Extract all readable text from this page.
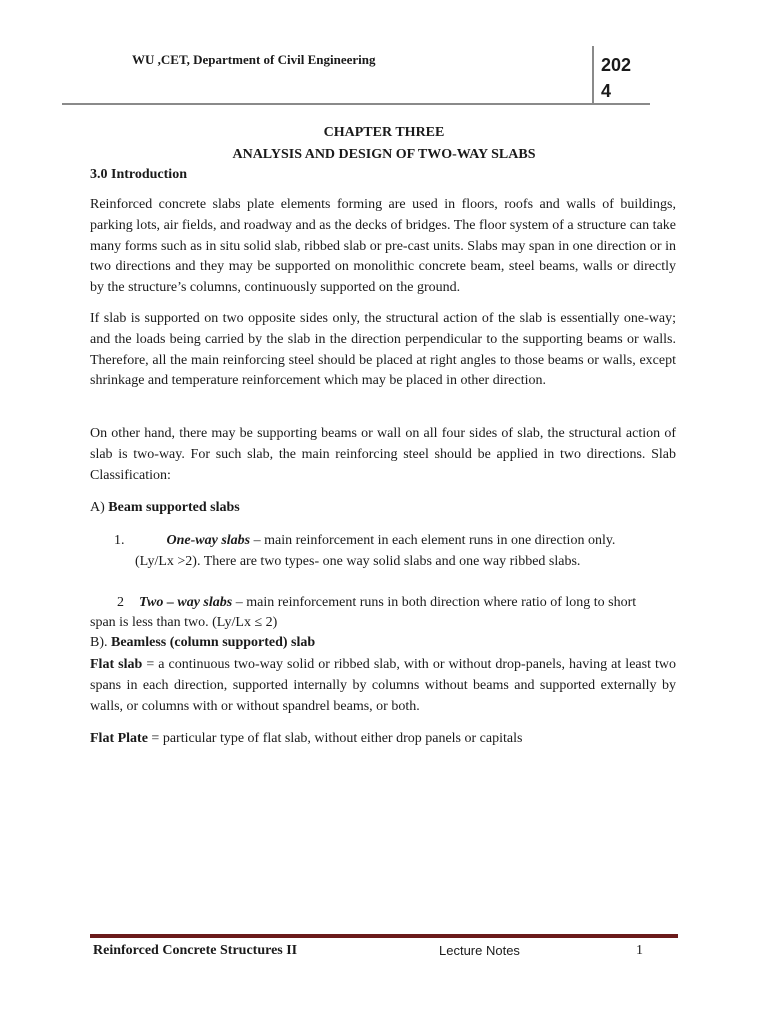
WU ,CET, Department of Civil Engineering	2024
CHAPTER THREE
ANALYSIS AND DESIGN OF TWO-WAY SLABS
3.0 Introduction

Reinforced concrete slabs plate elements forming are used in floors, roofs and walls of buildings, parking lots, air fields, and roadway and as the decks of bridges. The floor system of a structure can take many forms such as in situ solid slab, ribbed slab or pre-cast units. Slabs may span in one direction or in two directions and they may be supported on monolithic concrete beam, steel beams, walls or directly by the structure’s columns, continuously supported on the ground.

If slab is supported on two opposite sides only, the structural action of the slab is essentially one-way; and the loads being carried by the slab in the direction perpendicular to the supporting beams or walls. Therefore, all the main reinforcing steel should be placed at right angles to those beams or walls, except shrinkage and temperature reinforcement which may be placed in other direction.

On other hand, there may be supporting beams or wall on all four sides of slab, the structural action of slab is two-way. For such slab, the main reinforcing steel should be applied in two directions. Slab Classification:

A) Beam supported slabs
1.	One-way slabs – main reinforcement in each element runs in one direction only.
(Ly/Lx >2). There are two types- one way solid slabs and one way ribbed slabs.
2 Two – way slabs – main reinforcement runs in both direction where ratio of long to short
span is less than two. (Ly/Lx ≤ 2)
B). Beamless (column supported) slab

Flat slab = a continuous two-way solid or ribbed slab, with or without drop-panels, having at least two spans in each direction, supported internally by columns without beams and supported externally by walls, or columns with or without spandrel beams, or both.

Flat Plate = particular type of flat slab, without either drop panels or capitals
Reinforced Concrete Structures II	Lecture Notes	1
